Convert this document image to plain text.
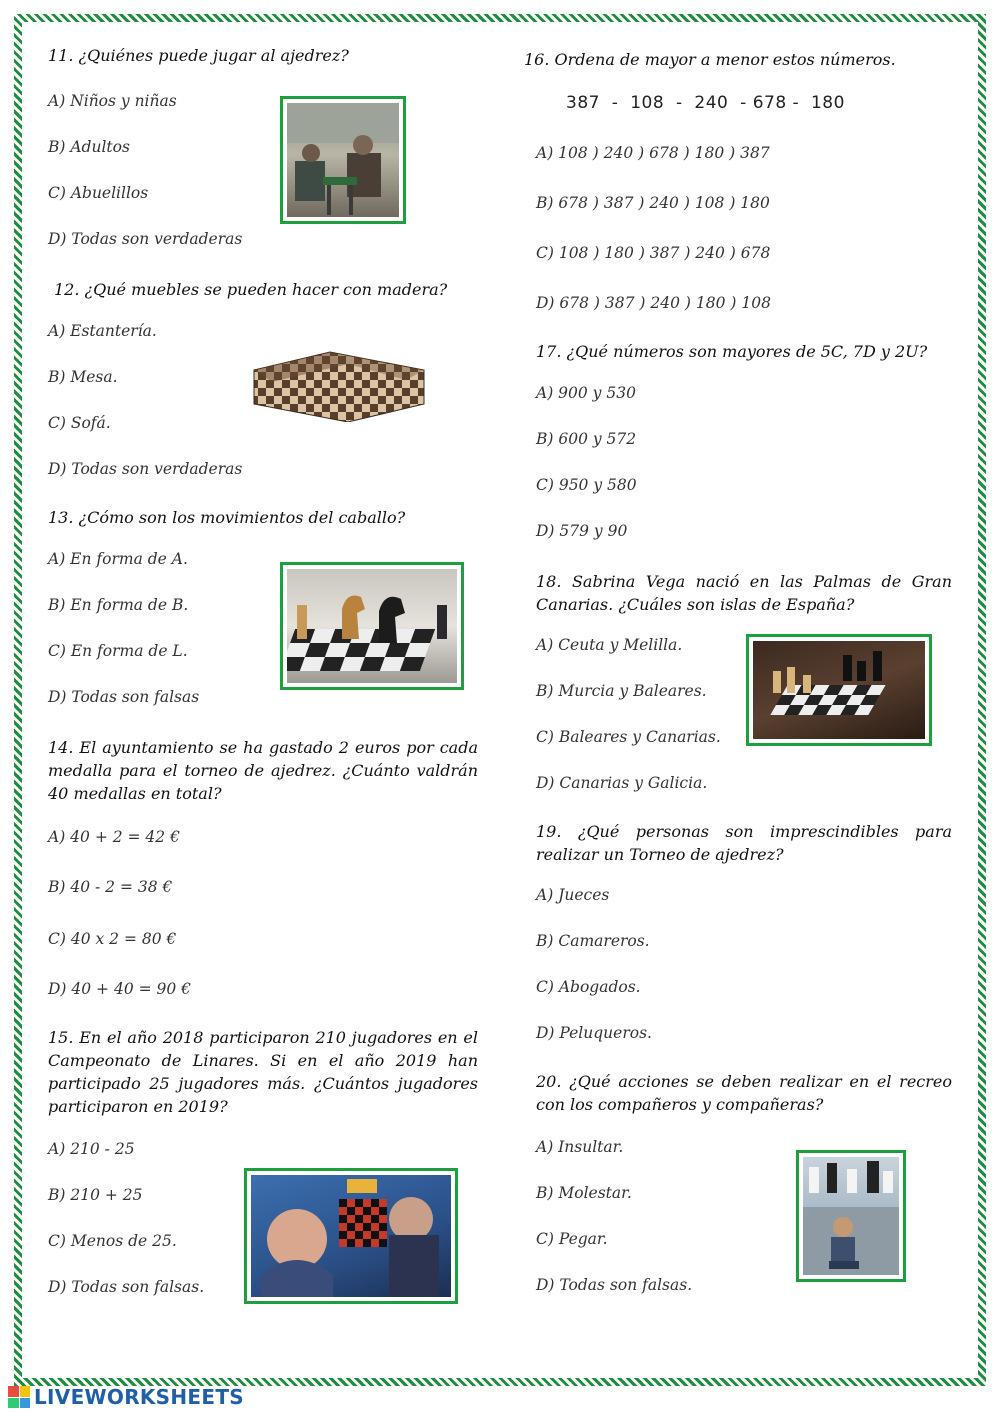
11. ¿Quiénes puede jugar al ajedrez?

A) Niños y niñas
B) Adultos
C) Abuelillos
D) Todas son verdaderas

12. ¿Qué muebles se pueden hacer con madera?

A) Estantería.
B) Mesa.
C) Sofá.
D) Todas son verdaderas

13. ¿Cómo son los movimientos del caballo?

A) En forma de A.
B) En forma de B.
C) En forma de L.
D) Todas son falsas

14. El ayuntamiento se ha gastado 2 euros por cada medalla para el torneo de ajedrez. ¿Cuánto valdrán 40 medallas en total?

A) 40 + 2 = 42 €
B) 40 - 2 = 38 €
C) 40 x 2 = 80 €
D) 40 + 40 = 90 €

15. En el año 2018 participaron 210 jugadores en el Campeonato de Linares. Si en el año 2019 han participado 25 jugadores más. ¿Cuántos jugadores participaron en 2019?

A) 210 - 25
B) 210 + 25
C) Menos de 25.
D) Todas son falsas.

16. Ordena de mayor a menor estos números.

387  -  108  -  240  - 678 -  180
A) 108 ) 240 ) 678 ) 180 ) 387
B) 678 ) 387 ) 240 ) 108 ) 180
C) 108 ) 180 ) 387 ) 240 ) 678
D) 678 ) 387 ) 240 ) 180 ) 108

17. ¿Qué números son mayores de 5C, 7D y 2U?

A) 900 y 530
B) 600 y 572
C) 950 y 580
D) 579 y 90

18. Sabrina Vega nació en las Palmas de Gran Canarias. ¿Cuáles son islas de España?

A) Ceuta y Melilla.
B) Murcia y Baleares.
C) Baleares y Canarias.
D) Canarias y Galicia.

19. ¿Qué personas son imprescindibles para realizar un Torneo de ajedrez?

A) Jueces
B) Camareros.
C) Abogados.
D) Peluqueros.

20. ¿Qué acciones se deben realizar en el recreo con los compañeros y compañeras?

A) Insultar.
B) Molestar.
C) Pegar.
D) Todas son falsas.
LIVEWORKSHEETS
